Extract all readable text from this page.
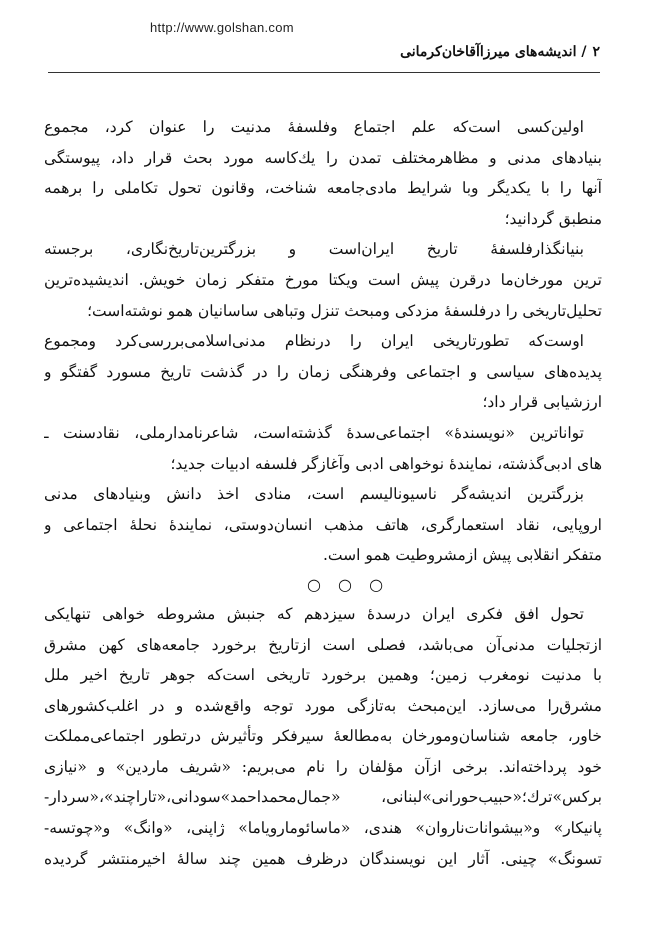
http://www.golshan.com
۲/ اندیشه‌های میرزاآقاخان‌کرمانی
اولین‌کسی است‌که علم اجتماع وفلسفهٔ مدنیت را عنوان کرد، مجموع
بنیادهای مدنی و مظاهرمختلف تمدن را یك‌کاسه مورد بحث قرار داد، پیوستگی
آنها را با یکدیگر وبا شرایط مادی‌جامعه شناخت، وقانون تحول تکاملی را برهمه
منطبق گردانید؛
بنیانگذارفلسفهٔ تاریخ ایران‌است و بزرگترین‌تاریخ‌نگاری، برجسته‌
ترین مورخان‌ما درقرن پیش است ویکتا مورخ متفکر زمان خویش. اندیشیده‌ترین
تحلیل‌تاریخی را درفلسفهٔ مزدکی ومبحث تنزل وتباهی ساسانیان همو نوشته‌است؛
اوست‌که تطورتاریخی ایران را درنظام مدنی‌اسلامی‌بررسی‌کرد ومجموع
پدیده‌های سیاسی و اجتماعی وفرهنگی زمان را در گذشت تاریخ مسورد گفتگو و
ارزشیابی قرار داد؛
تواناترین «نویسندهٔ» اجتماعی‌سدهٔ گذشته‌است، شاعرنامدارملی، نقادسنت ـ
های ادبی‌گذشته، نمایندهٔ نوخواهی ادبی وآغازگر فلسفه ادبیات جدید؛
بزرگترین اندیشه‌گر ناسیونالیسم است، منادی اخذ دانش وبنیادهای مدنی
اروپایی، نقاد استعمارگری، هاتف مذهب انسان‌دوستی، نمایندهٔ نحلهٔ اجتماعی و
متفکر انقلابی پیش ازمشروطیت همو است.
○ ○ ○
تحول افق فکری ایران درسدهٔ سیزدهم که جنبش مشروطه خواهی تنهایکی
ازتجلیات مدنی‌آن می‌باشد، فصلی است ازتاریخ برخورد جامعه‌های کهن مشرق
با مدنیت نومغرب زمین؛ وهمین برخورد تاریخی است‌که جوهر تاریخ اخیر ملل
مشرق‌را می‌سازد. این‌مبحث به‌تازگی مورد توجه واقع‌شده و در اغلب‌کشورهای
خاور، جامعه شناسان‌ومورخان به‌مطالعهٔ سیرفکر وتأثیرش درتطور اجتماعی‌مملکت
خود پرداخته‌اند. برخی ازآن مؤلفان را نام می‌بریم: «شریف ماردین» و «نیازی‌
برکس»ترك؛«حبیب‌حورانی»لبنانی، «جمال‌محمداحمد»سودانی،«تاراچند»،«سردار-
پانیکار» و«بیشوانات‌ناروان» هندی، «ماسائوماروياما» ژاپنی، «وانگ» و«چوتسه-
تسونگ» چینی. آثار این نویسندگان درظرف همین چند سالهٔ اخیرمنتشر گردیده
